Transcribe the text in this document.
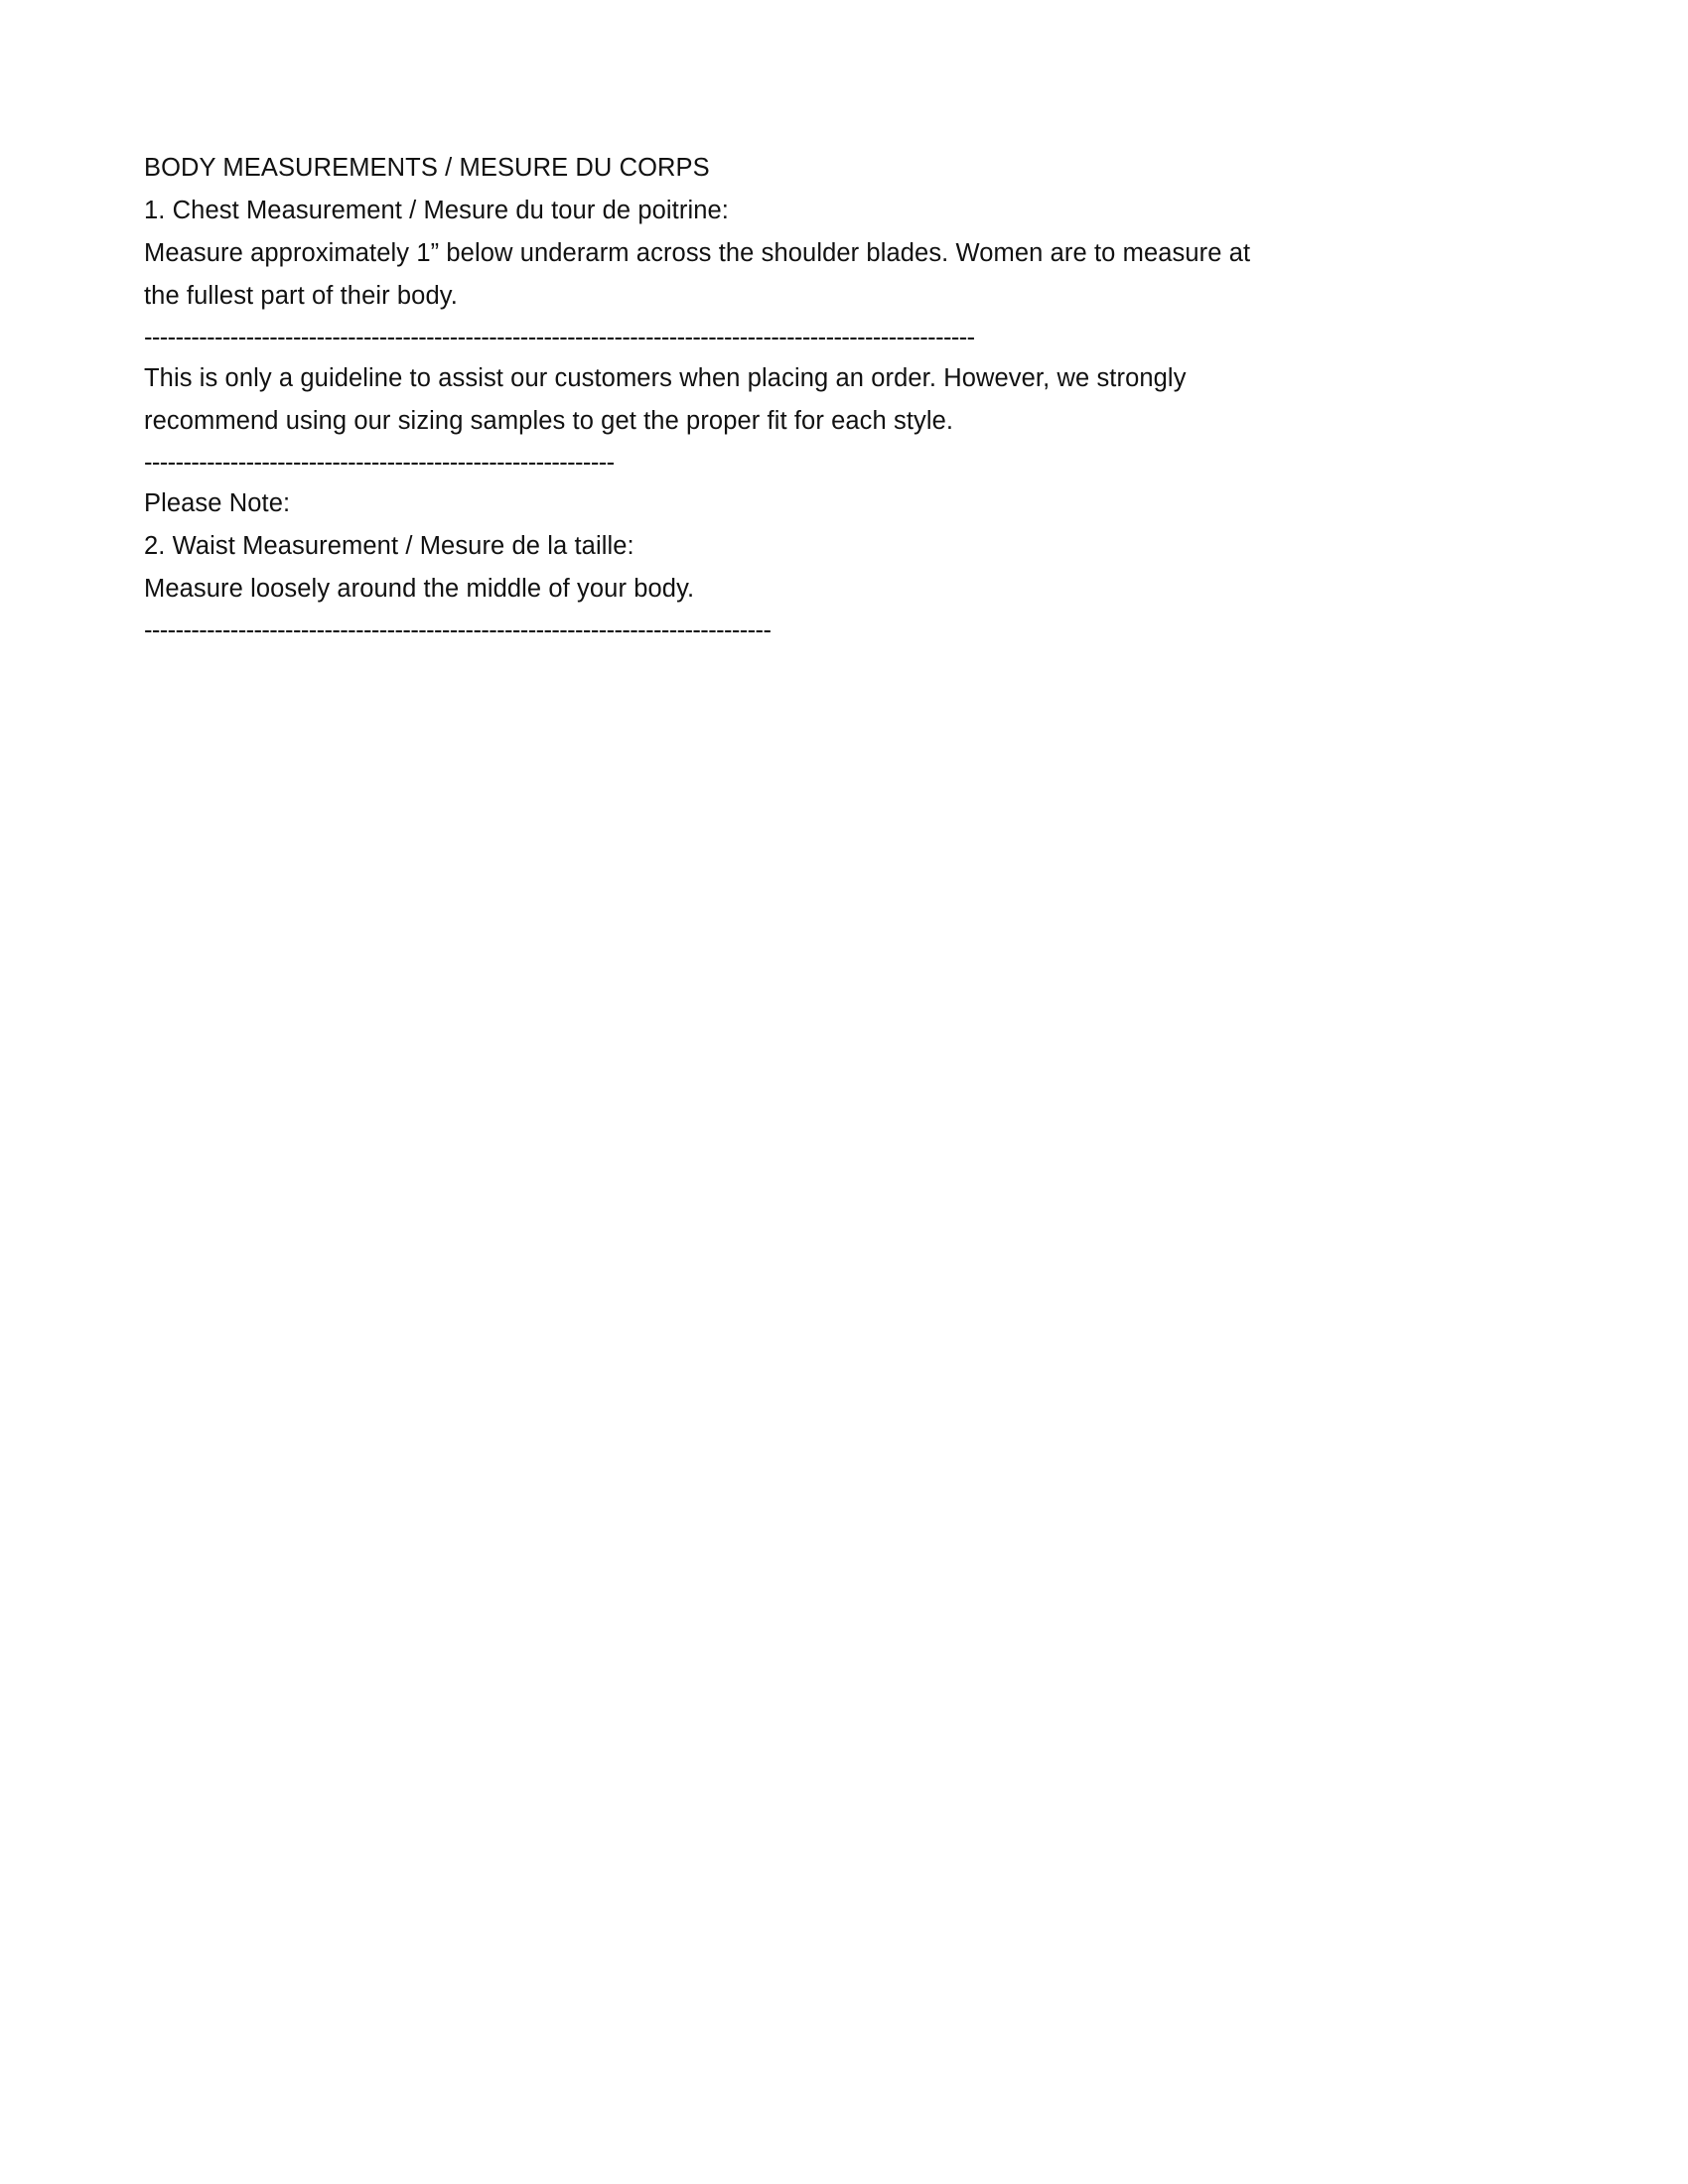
BODY MEASUREMENTS / MESURE DU CORPS
1. Chest Measurement / Mesure du tour de poitrine:
Measure approximately 1” below underarm across the shoulder blades. Women are to measure at the fullest part of their body.
----------------------------------------------------------------------------------------------------------
This is only a guideline to assist our customers when placing an order. However, we strongly recommend using our sizing samples to get the proper fit for each style.
------------------------------------------------------------
Please Note:
2. Waist Measurement / Mesure de la taille:
Measure loosely around the middle of your body.
--------------------------------------------------------------------------------
